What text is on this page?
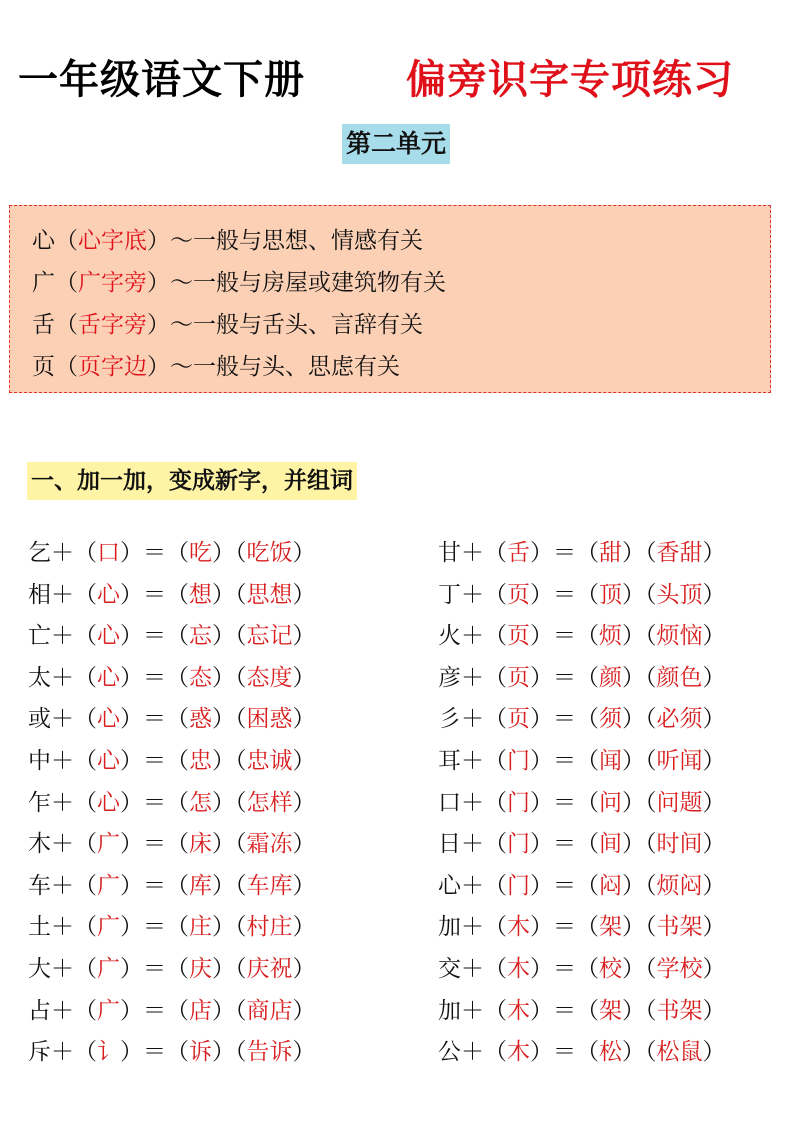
一年级语文下册	偏旁识字专项练习
第二单元
心（心字底）～一般与思想、情感有关
广（广字旁）～一般与房屋或建筑物有关
舌（舌字旁）～一般与舌头、言辞有关
页（页字边）～一般与头、思虑有关
一、加一加，变成新字，并组词
乞＋（口）＝（吃）（吃饭）
相＋（心）＝（想）（思想）
亡＋（心）＝（忘）（忘记）
太＋（心）＝（态）（态度）
或＋（心）＝（惑）（困惑）
中＋（心）＝（忠）（忠诚）
乍＋（心）＝（怎）（怎样）
木＋（广）＝（床）（霜冻）
车＋（广）＝（库）（车库）
土＋（广）＝（庄）（村庄）
大＋（广）＝（庆）（庆祝）
占＋（广）＝（店）（商店）
斥＋（讠）＝（诉）（告诉）
甘＋（舌）＝（甜）（香甜）
丁＋（页）＝（顶）（头顶）
火＋（页）＝（烦）（烦恼）
彦＋（页）＝（颜）（颜色）
彡＋（页）＝（须）（必须）
耳＋（门）＝（闻）（听闻）
口＋（门）＝（问）（问题）
日＋（门）＝（间）（时间）
心＋（门）＝（闷）（烦闷）
加＋（木）＝（架）（书架）
交＋（木）＝（校）（学校）
加＋（木）＝（架）（书架）
公＋（木）＝（松）（松鼠）
